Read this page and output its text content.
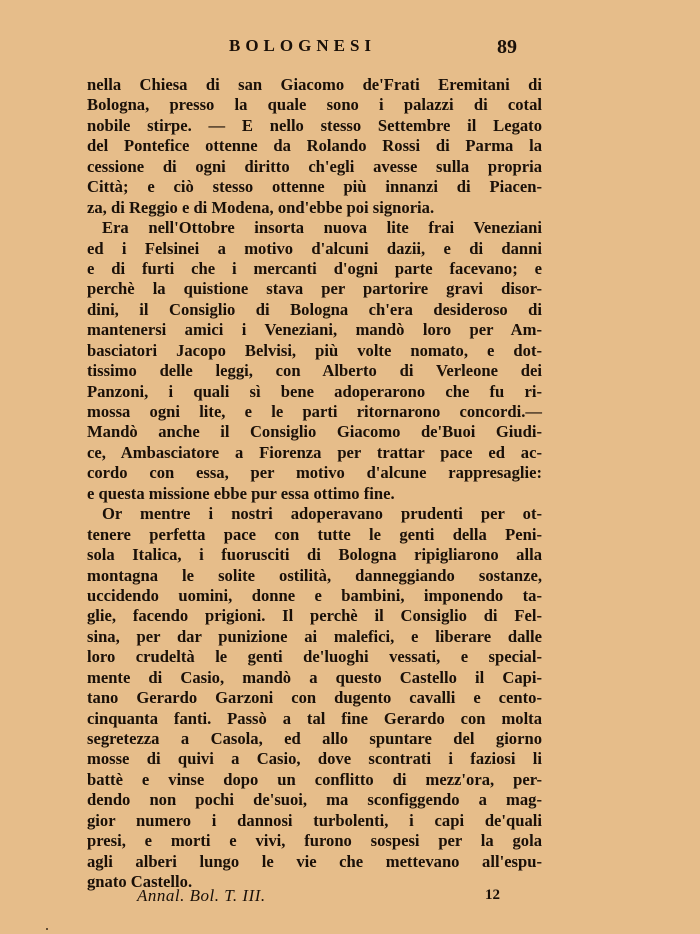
BOLOGNESI	89
nella Chiesa di san Giacomo de'Frati Eremitani di
Bologna, presso la quale sono i palazzi di cotal
nobile stirpe. — E nello stesso Settembre il Legato
del Pontefice ottenne da Rolando Rossi di Parma la
cessione di ogni diritto ch'egli avesse sulla propria
Città; e ciò stesso ottenne più innanzi di Piacen-
za, di Reggio e di Modena, ond'ebbe poi signoria.
Era nell'Ottobre insorta nuova lite frai Veneziani
ed i Felsinei a motivo d'alcuni dazii, e di danni
e di furti che i mercanti d'ogni parte facevano; e
perchè la quistione stava per partorire gravi disor-
dini, il Consiglio di Bologna ch'era desideroso di
mantenersi amici i Veneziani, mandò loro per Am-
basciatori Jacopo Belvisi, più volte nomato, e dot-
tissimo delle leggi, con Alberto di Verleone dei
Panzoni, i quali sì bene adoperarono che fu ri-
mossa ogni lite, e le parti ritornarono concordi.—
Mandò anche il Consiglio Giacomo de'Buoi Giudi-
ce, Ambasciatore a Fiorenza per trattar pace ed ac-
cordo con essa, per motivo d'alcune rappresaglie:
e questa missione ebbe pur essa ottimo fine.
Or mentre i nostri adoperavano prudenti per ot-
tenere perfetta pace con tutte le genti della Peni-
sola Italica, i fuorusciti di Bologna ripigliarono alla
montagna le solite ostilità, danneggiando sostanze,
uccidendo uomini, donne e bambini, imponendo ta-
glie, facendo prigioni. Il perchè il Consiglio di Fel-
sina, per dar punizione ai malefici, e liberare dalle
loro crudeltà le genti de'luoghi vessati, e special-
mente di Casio, mandò a questo Castello il Capi-
tano Gerardo Garzoni con dugento cavalli e cento-
cinquanta fanti. Passò a tal fine Gerardo con molta
segretezza a Casola, ed allo spuntare del giorno
mosse di quivi a Casio, dove scontrati i faziosi li
battè e vinse dopo un conflitto di mezz'ora, per-
dendo non pochi de'suoi, ma sconfiggendo a mag-
gior numero i dannosi turbolenti, i capi de'quali
presi, e morti e vivi, furono sospesi per la gola
agli alberi lungo le vie che mettevano all'espu-
gnato Castello.
Annal. Bol. T. III.	12
